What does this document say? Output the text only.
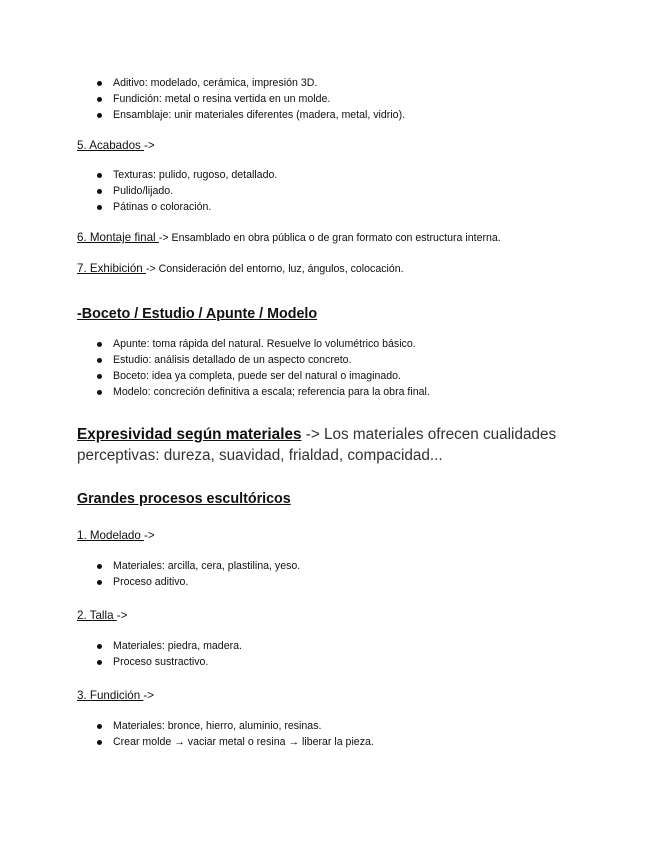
Aditivo: modelado, cerámica, impresión 3D.
Fundición: metal o resina vertida en un molde.
Ensamblaje: unir materiales diferentes (madera, metal, vidrio).

5. Acabados ->

Texturas: pulido, rugoso, detallado.
Pulido/lijado.
Pátinas o coloración.

6. Montaje final -> Ensamblado en obra pública o de gran formato con estructura interna.

7. Exhibición -> Consideración del entorno, luz, ángulos, colocación.

-Boceto / Estudio / Apunte / Modelo
Apunte: toma rápida del natural. Resuelve lo volumétrico básico.
Estudio: análisis detallado de un aspecto concreto.
Boceto: idea ya completa, puede ser del natural o imaginado.
Modelo: concreción definitiva a escala; referencia para la obra final.

Expresividad según materiales -> Los materiales ofrecen cualidades perceptivas: dureza, suavidad, frialdad, compacidad...

Grandes procesos escultóricos

1. Modelado ->

Materiales: arcilla, cera, plastilina, yeso.
Proceso aditivo.

2. Talla ->

Materiales: piedra, madera.
Proceso sustractivo.

3. Fundición ->

Materiales: bronce, hierro, aluminio, resinas.
Crear molde → vaciar metal o resina → liberar la pieza.
